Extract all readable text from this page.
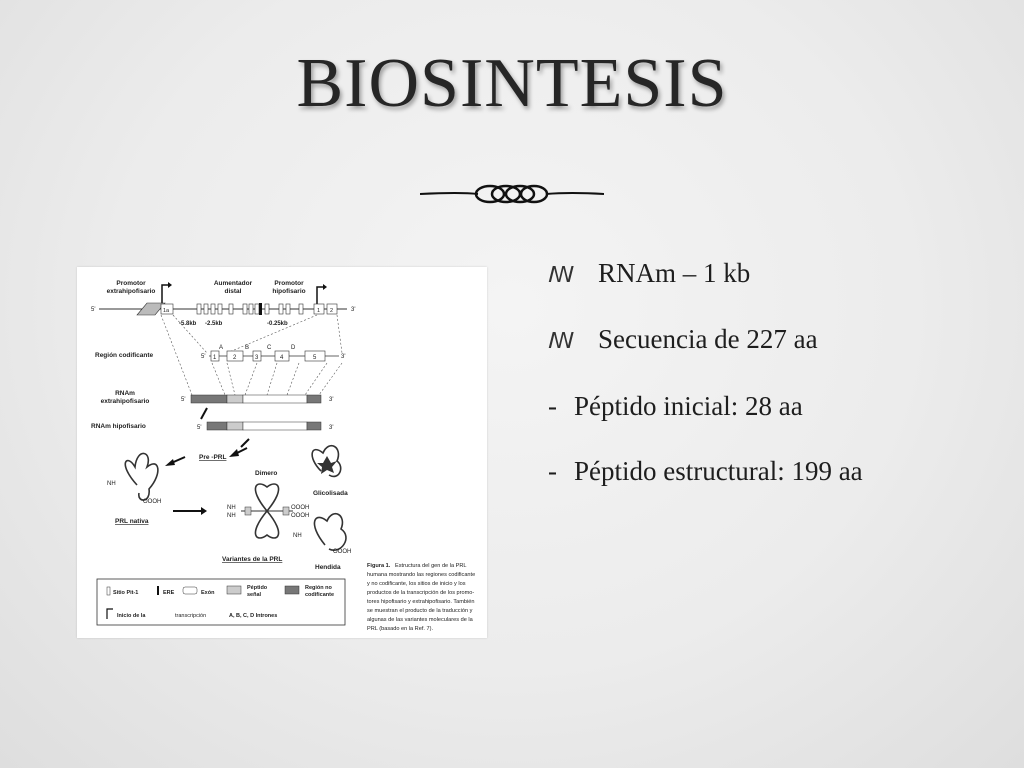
BIOSINTESIS
Promotor
extrahipofisario
Aumentador
distal
Promotor
hipofisario
5'	3'
1a	1 2
-5.8kb -2.5kb	-0.25kb
Región codificante
A	B	C	D
5'	3'
1	2	3	4	5
RNAm
extrahipofisario	5'	3'
RNAm hipofisario	5'	3'
Pre -PRL
NH
OOOH
PRL nativa
Dimero
NH
NH
OOOH
OOOH
Glicolisada
NH
OOOH
Hendida
Variantes de la PRL
Sitio Pit-1	ERE	Exón
Péptido
señal
Región no
codificante
Inicio de la	transcripción	A, B, C, D Intrones
Figura 1. Estructura del gen de la PRL
humana mostrando las regiones codificante
y no codificante, los sitios de inicio y los
productos de la transcripción de los promo-
tores hipofisario y extrahipofisario. También
se muestran el producto de la traducción y
algunas de las variantes moleculares de la
PRL (basado en la Ref. 7).
ꟿ RNAm – 1 kb
ꟿ Secuencia de 227 aa
- Péptido inicial: 28 aa
- Péptido estructural: 199 aa
